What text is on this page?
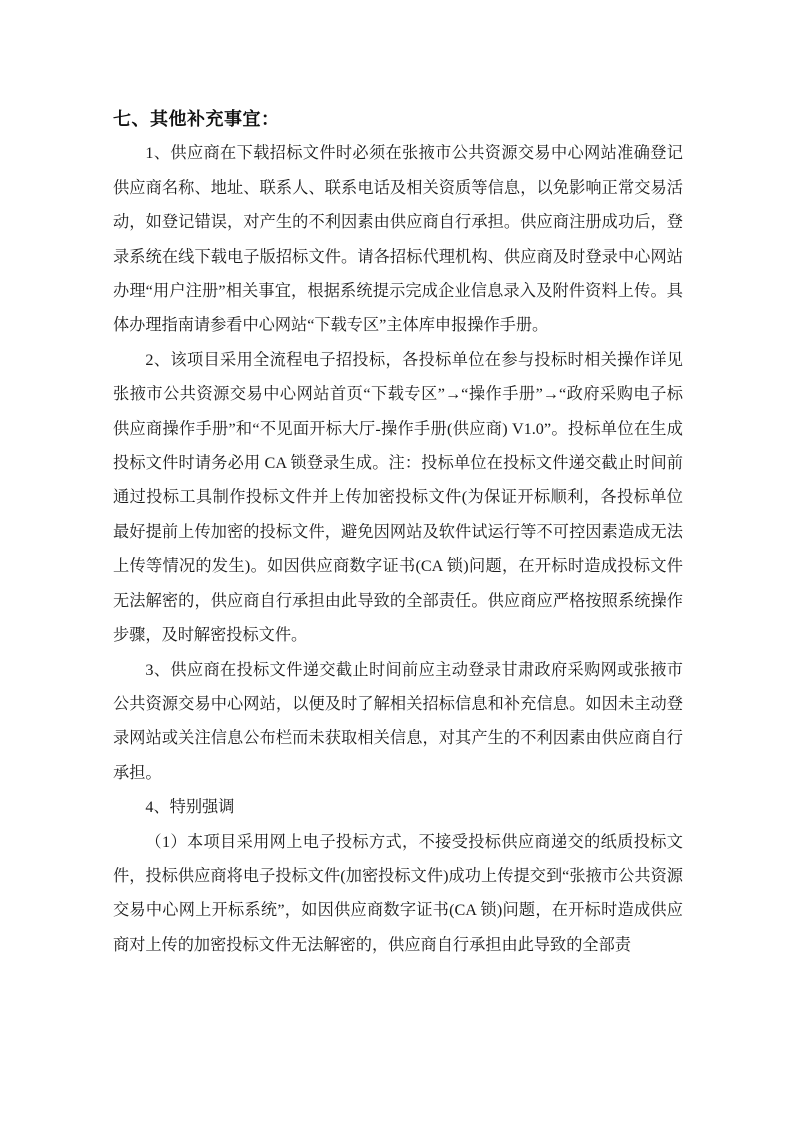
七、其他补充事宜：

1、供应商在下载招标文件时必须在张掖市公共资源交易中心网站准确登记供应商名称、地址、联系人、联系电话及相关资质等信息，以免影响正常交易活动，如登记错误，对产生的不利因素由供应商自行承担。供应商注册成功后，登录系统在线下载电子版招标文件。请各招标代理机构、供应商及时登录中心网站办理“用户注册”相关事宜，根据系统提示完成企业信息录入及附件资料上传。具体办理指南请参看中心网站“下载专区”主体库申报操作手册。

2、该项目采用全流程电子招投标，各投标单位在参与投标时相关操作详见张掖市公共资源交易中心网站首页“下载专区”→“操作手册”→“政府采购电子标供应商操作手册”和“不见面开标大厅-操作手册(供应商) V1.0”。投标单位在生成投标文件时请务必用 CA 锁登录生成。注：投标单位在投标文件递交截止时间前通过投标工具制作投标文件并上传加密投标文件(为保证开标顺利，各投标单位最好提前上传加密的投标文件，避免因网站及软件试运行等不可控因素造成无法上传等情况的发生)。如因供应商数字证书(CA 锁)问题，在开标时造成投标文件无法解密的，供应商自行承担由此导致的全部责任。供应商应严格按照系统操作步骤，及时解密投标文件。

3、供应商在投标文件递交截止时间前应主动登录甘肃政府采购网或张掖市公共资源交易中心网站，以便及时了解相关招标信息和补充信息。如因未主动登录网站或关注信息公布栏而未获取相关信息，对其产生的不利因素由供应商自行承担。

4、特别强调

（1）本项目采用网上电子投标方式，不接受投标供应商递交的纸质投标文件，投标供应商将电子投标文件(加密投标文件)成功上传提交到“张掖市公共资源交易中心网上开标系统”，如因供应商数字证书(CA 锁)问题，在开标时造成供应商对上传的加密投标文件无法解密的，供应商自行承担由此导致的全部责
